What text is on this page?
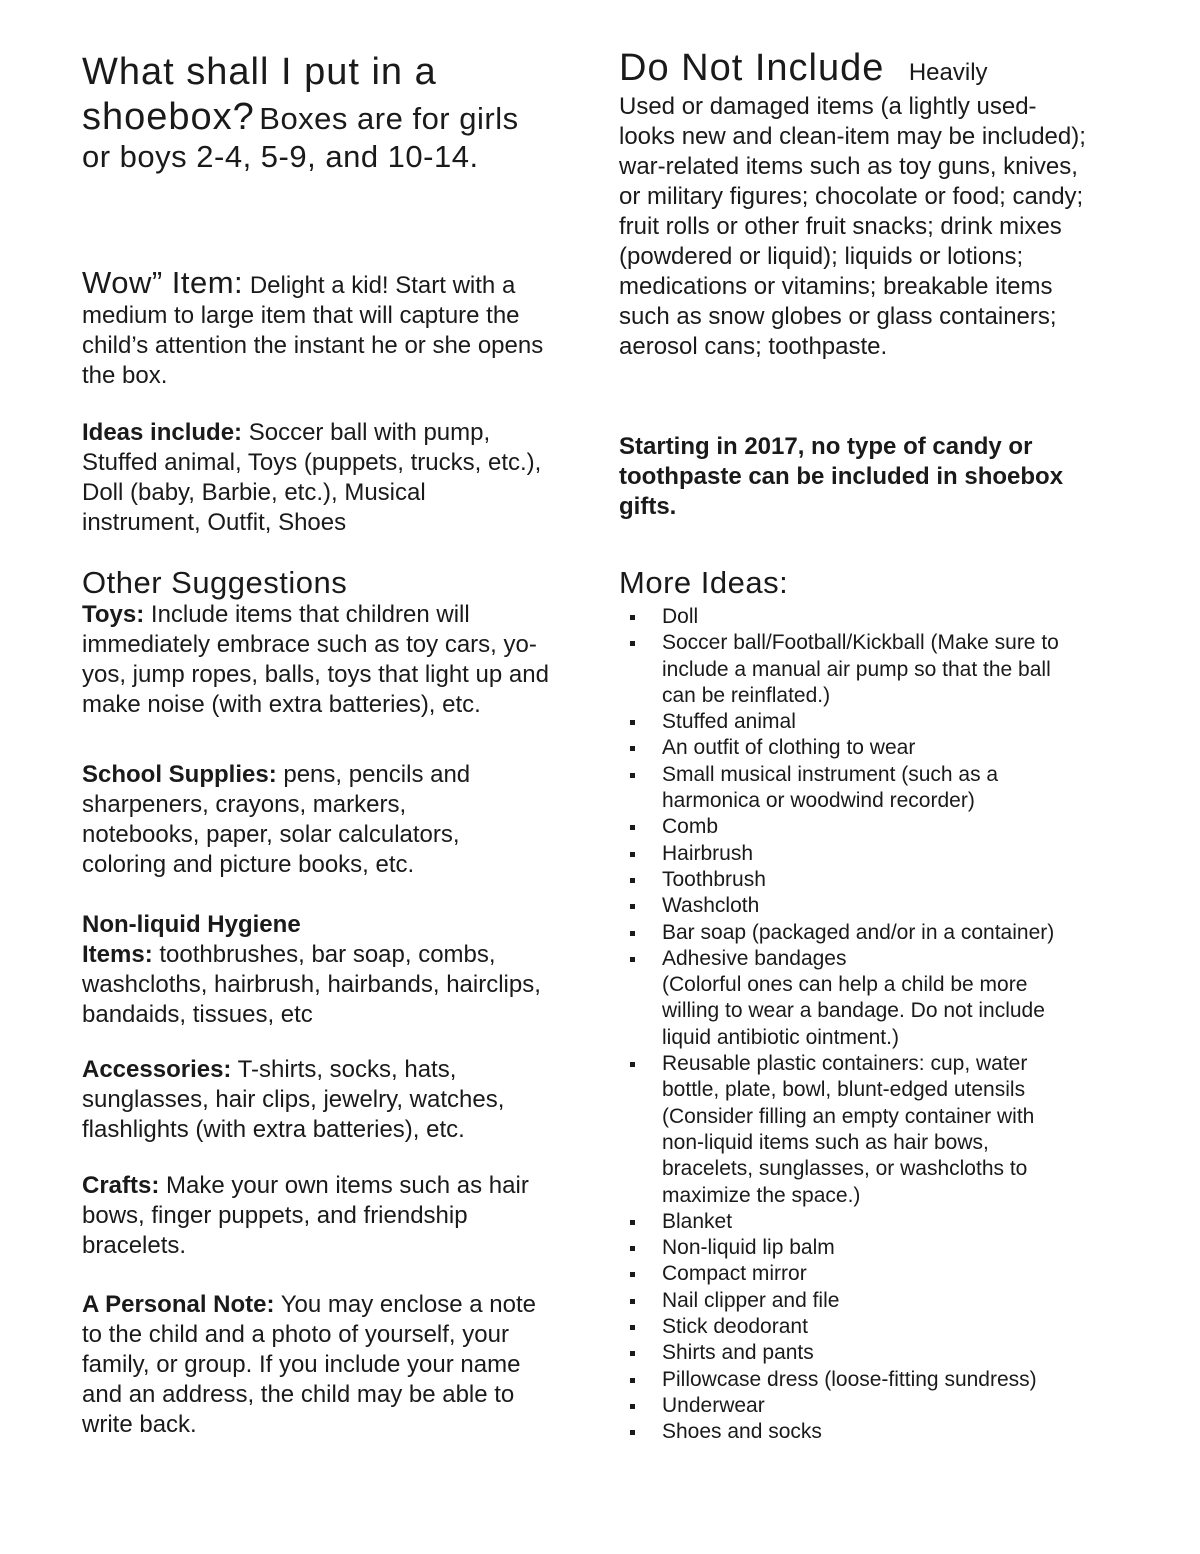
What shall I put in a shoebox? Boxes are for girls or boys 2-4, 5-9, and 10-14.
Wow” Item: Delight a kid! Start with a medium to large item that will capture the child’s attention the instant he or she opens the box.
Ideas include: Soccer ball with pump, Stuffed animal, Toys (puppets, trucks, etc.), Doll (baby, Barbie, etc.), Musical instrument, Outfit, Shoes
Other Suggestions
Toys: Include items that children will immediately embrace such as toy cars, yo-yos, jump ropes, balls, toys that light up and make noise (with extra batteries), etc.
School Supplies: pens, pencils and sharpeners, crayons, markers, notebooks, paper, solar calculators, coloring and picture books, etc.
Non-liquid Hygiene
Items: toothbrushes, bar soap, combs, washcloths, hairbrush, hairbands, hairclips, bandaids, tissues, etc
Accessories: T-shirts, socks, hats, sunglasses, hair clips, jewelry, watches, flashlights (with extra batteries), etc.
Crafts: Make your own items such as hair bows, finger puppets, and friendship bracelets.
A Personal Note: You may enclose a note to the child and a photo of yourself, your family, or group. If you include your name and an address, the child may be able to write back.
Do Not Include Heavily
Used or damaged items (a lightly used-looks new and clean-item may be included); war-related items such as toy guns, knives, or military figures; chocolate or food; candy; fruit rolls or other fruit snacks; drink mixes (powdered or liquid); liquids or lotions; medications or vitamins; breakable items such as snow globes or glass containers; aerosol cans; toothpaste.
Starting in 2017, no type of candy or toothpaste can be included in shoebox gifts.
More Ideas:
Doll
Soccer ball/Football/Kickball (Make sure to include a manual air pump so that the ball can be reinflated.)
Stuffed animal
An outfit of clothing to wear
Small musical instrument (such as a harmonica or woodwind recorder)
Comb
Hairbrush
Toothbrush
Washcloth
Bar soap (packaged and/or in a container)
Adhesive bandages
(Colorful ones can help a child be more willing to wear a bandage. Do not include liquid antibiotic ointment.)
Reusable plastic containers: cup, water bottle, plate, bowl, blunt-edged utensils (Consider filling an empty container with non-liquid items such as hair bows, bracelets, sunglasses, or washcloths to maximize the space.)
Blanket
Non-liquid lip balm
Compact mirror
Nail clipper and file
Stick deodorant
Shirts and pants
Pillowcase dress (loose-fitting sundress)
Underwear
Shoes and socks
